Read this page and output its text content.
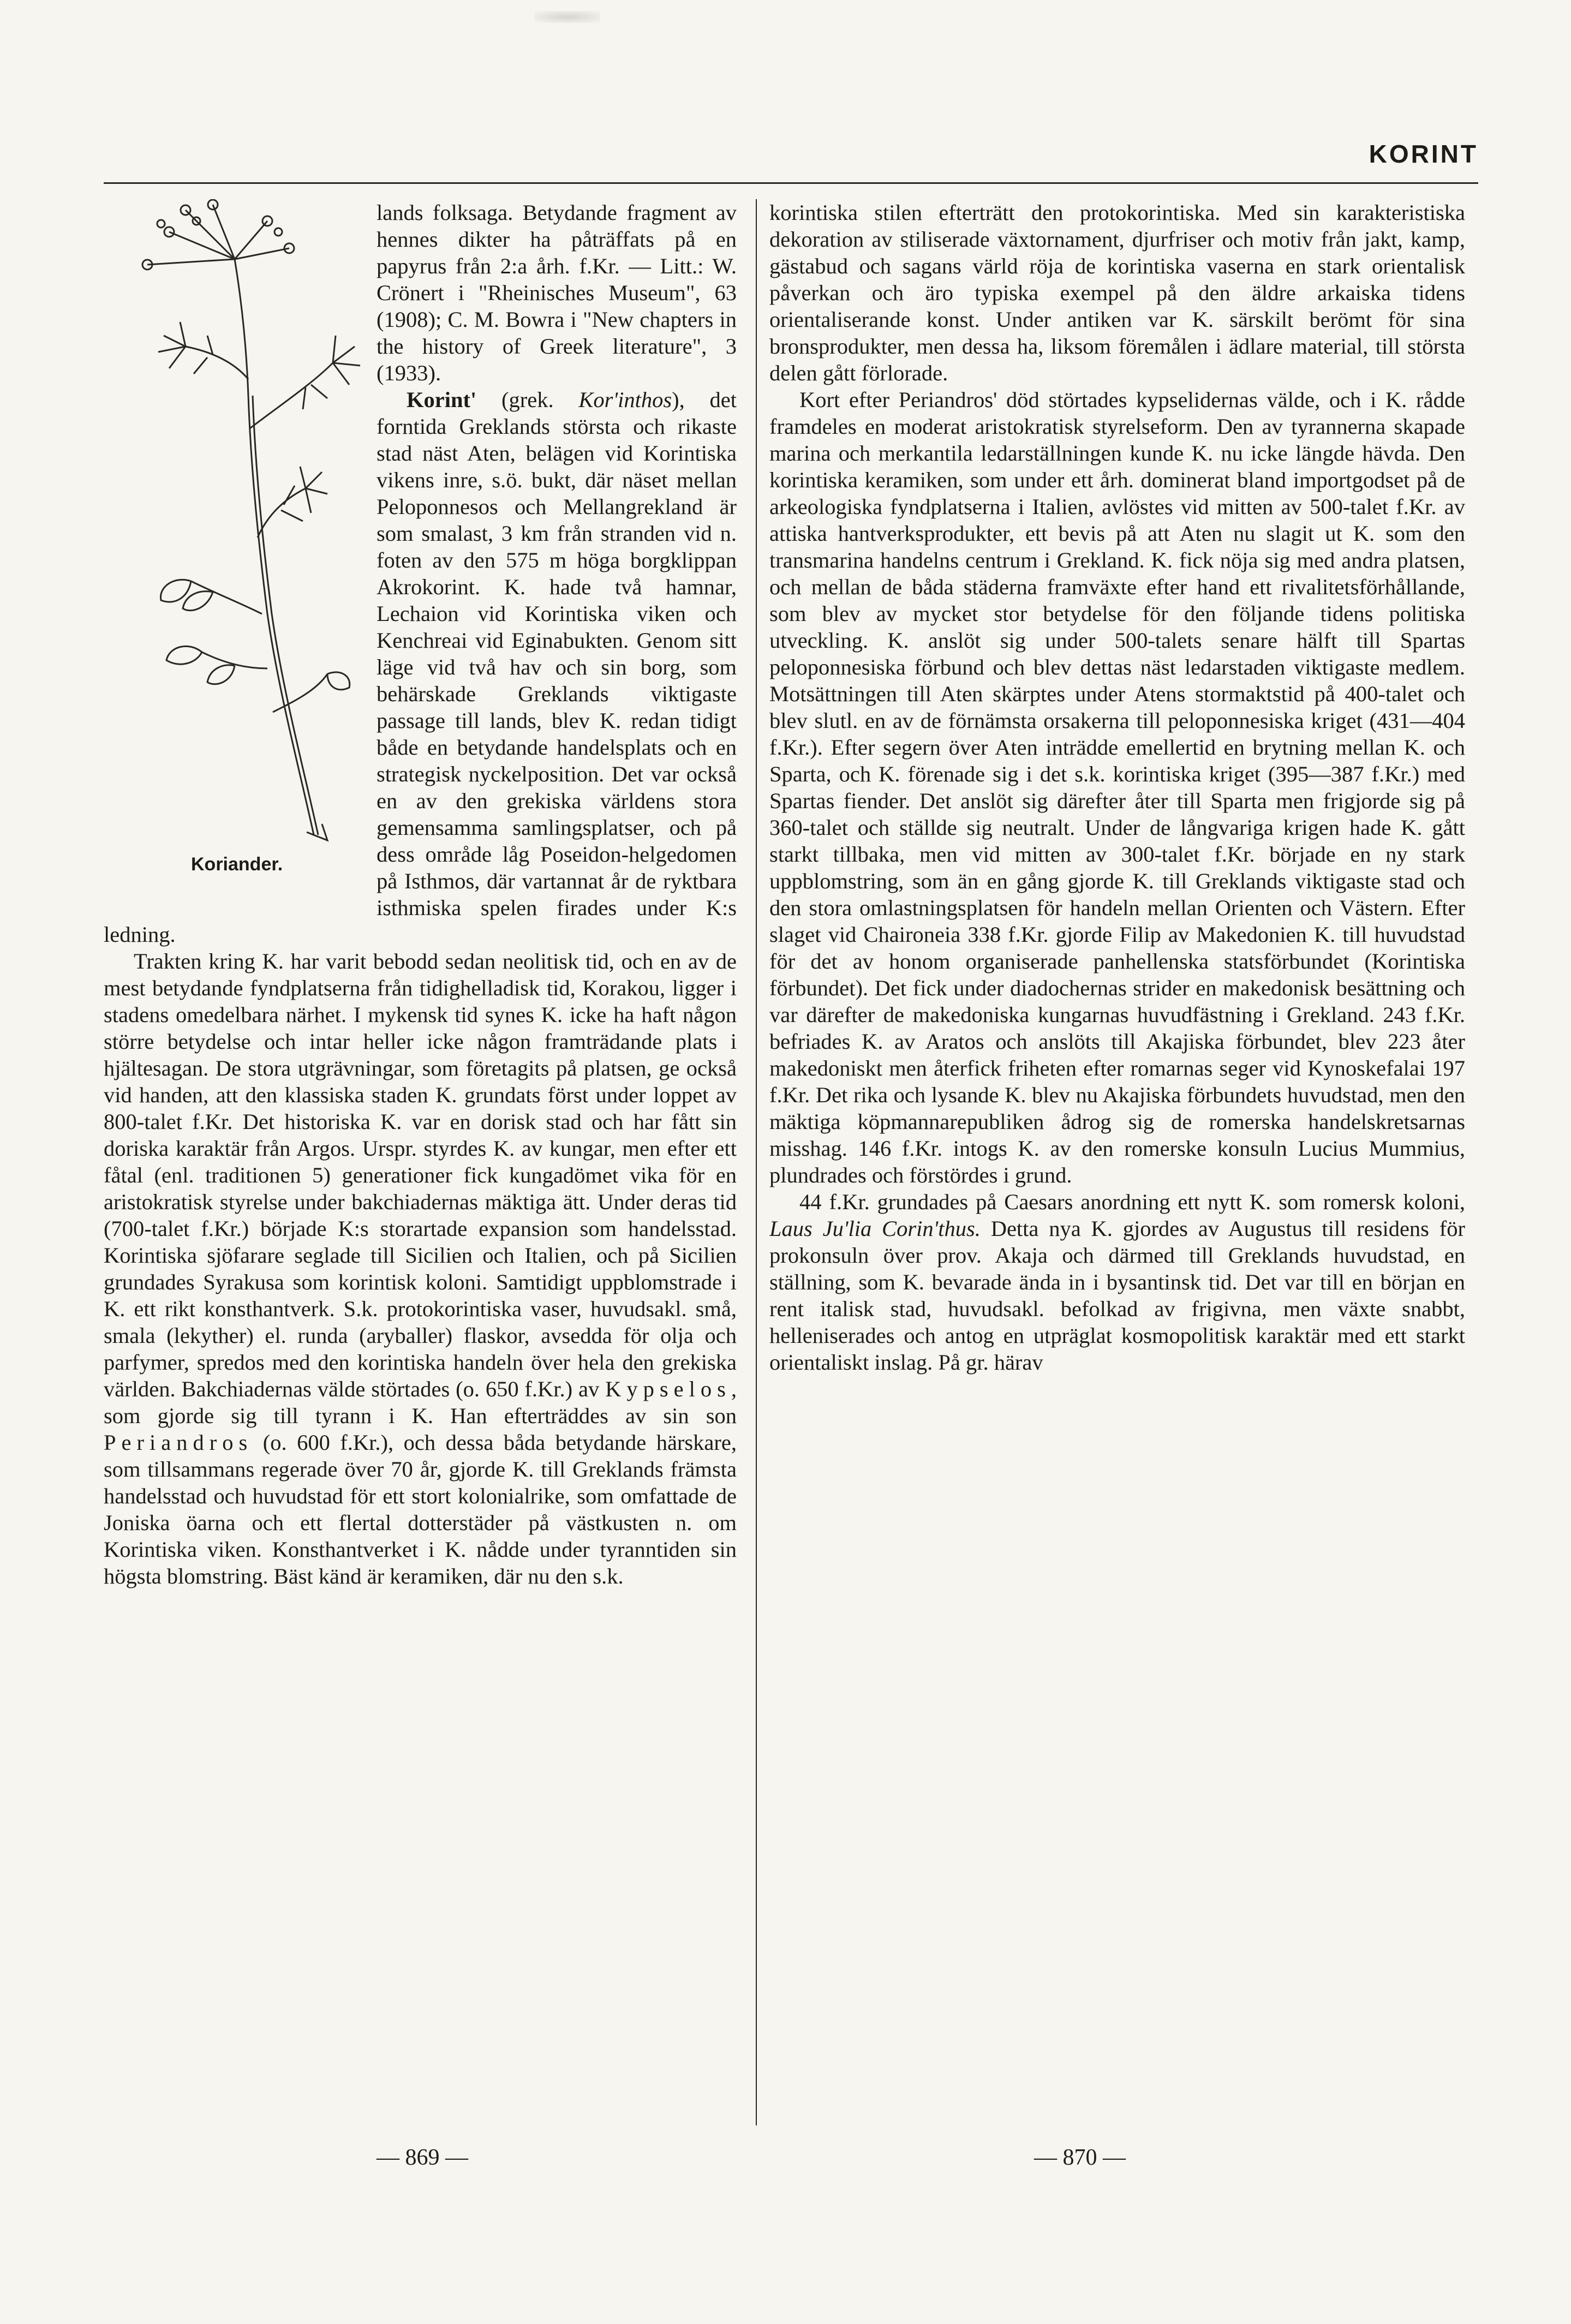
KORINT
Koriander.

lands folksaga. Betydande fragment av hennes dikter ha påträffats på en papyrus från 2:a årh. f.Kr. — Litt.: W. Crönert i "Rheinisches Museum", 63 (1908); C. M. Bowra i "New chapters in the history of Greek literature", 3 (1933).

Korint' (grek. Kor'inthos), det forntida Greklands största och rikaste stad näst Aten, belägen vid Korintiska vikens inre, s.ö. bukt, där näset mellan Peloponnesos och Mellangrekland är som smalast, 3 km från stranden vid n. foten av den 575 m höga borgklippan Akrokorint. K. hade två hamnar, Lechaion vid Korintiska viken och Kenchreai vid Eginabukten. Genom sitt läge vid två hav och sin borg, som behärskade Greklands viktigaste passage till lands, blev K. redan tidigt både en betydande handelsplats och en strategisk nyckelposition. Det var också en av den grekiska världens stora gemensamma samlingsplatser, och på dess område låg Poseidon-helgedomen på Isthmos, där vartannat år de ryktbara isthmiska spelen firades under K:s ledning.

Trakten kring K. har varit bebodd sedan neolitisk tid, och en av de mest betydande fyndplatserna från tidighelladisk tid, Korakou, ligger i stadens omedelbara närhet. I mykensk tid synes K. icke ha haft någon större betydelse och intar heller icke någon framträdande plats i hjältesagan. De stora utgrävningar, som företagits på platsen, ge också vid handen, att den klassiska staden K. grundats först under loppet av 800-talet f.Kr. Det historiska K. var en dorisk stad och har fått sin doriska karaktär från Argos. Urspr. styrdes K. av kungar, men efter ett fåtal (enl. traditionen 5) generationer fick kungadömet vika för en aristokratisk styrelse under bakchiadernas mäktiga ätt. Under deras tid (700-talet f.Kr.) började K:s storartade expansion som handelsstad. Korintiska sjöfarare seglade till Sicilien och Italien, och på Sicilien grundades Syrakusa som korintisk koloni. Samtidigt uppblomstrade i K. ett rikt konsthantverk. S.k. protokorintiska vaser, huvudsakl. små, smala (lekyther) el. runda (aryballer) flaskor, avsedda för olja och parfymer, spredos med den korintiska handeln över hela den grekiska världen. Bakchiadernas välde störtades (o. 650 f.Kr.) av Kypselos, som gjorde sig till tyrann i K. Han efterträddes av sin son Periandros (o. 600 f.Kr.), och dessa båda betydande härskare, som tillsammans regerade över 70 år, gjorde K. till Greklands främsta handelsstad och huvudstad för ett stort kolonialrike, som omfattade de Joniska öarna och ett flertal dotterstäder på västkusten n. om Korintiska viken. Konsthantverket i K. nådde under tyranntiden sin högsta blomstring. Bäst känd är keramiken, där nu den s.k.

korintiska stilen efterträtt den protokorintiska. Med sin karakteristiska dekoration av stiliserade växtornament, djurfriser och motiv från jakt, kamp, gästabud och sagans värld röja de korintiska vaserna en stark orientalisk påverkan och äro typiska exempel på den äldre arkaiska tidens orientaliserande konst. Under antiken var K. särskilt berömt för sina bronsprodukter, men dessa ha, liksom föremålen i ädlare material, till största delen gått förlorade.

Kort efter Periandros' död störtades kypselidernas välde, och i K. rådde framdeles en moderat aristokratisk styrelseform. Den av tyrannerna skapade marina och merkantila ledarställningen kunde K. nu icke längde hävda. Den korintiska keramiken, som under ett årh. dominerat bland importgodset på de arkeologiska fyndplatserna i Italien, avlöstes vid mitten av 500-talet f.Kr. av attiska hantverksprodukter, ett bevis på att Aten nu slagit ut K. som den transmarina handelns centrum i Grekland. K. fick nöja sig med andra platsen, och mellan de båda städerna framväxte efter hand ett rivalitetsförhållande, som blev av mycket stor betydelse för den följande tidens politiska utveckling. K. anslöt sig under 500-talets senare hälft till Spartas peloponnesiska förbund och blev dettas näst ledarstaden viktigaste medlem. Motsättningen till Aten skärptes under Atens stormaktstid på 400-talet och blev slutl. en av de förnämsta orsakerna till peloponnesiska kriget (431—404 f.Kr.). Efter segern över Aten inträdde emellertid en brytning mellan K. och Sparta, och K. förenade sig i det s.k. korintiska kriget (395—387 f.Kr.) med Spartas fiender. Det anslöt sig därefter åter till Sparta men frigjorde sig på 360-talet och ställde sig neutralt. Under de långvariga krigen hade K. gått starkt tillbaka, men vid mitten av 300-talet f.Kr. började en ny stark uppblomstring, som än en gång gjorde K. till Greklands viktigaste stad och den stora omlastningsplatsen för handeln mellan Orienten och Västern. Efter slaget vid Chaironeia 338 f.Kr. gjorde Filip av Makedonien K. till huvudstad för det av honom organiserade panhellenska statsförbundet (Korintiska förbundet). Det fick under diadochernas strider en makedonisk besättning och var därefter de makedoniska kungarnas huvudfästning i Grekland. 243 f.Kr. befriades K. av Aratos och anslöts till Akajiska förbundet, blev 223 åter makedoniskt men återfick friheten efter romarnas seger vid Kynoskefalai 197 f.Kr. Det rika och lysande K. blev nu Akajiska förbundets huvudstad, men den mäktiga köpmannarepubliken ådrog sig de romerska handelskretsarnas misshag. 146 f.Kr. intogs K. av den romerske konsuln Lucius Mummius, plundrades och förstördes i grund.

44 f.Kr. grundades på Caesars anordning ett nytt K. som romersk koloni, Laus Ju'lia Corin'thus. Detta nya K. gjordes av Augustus till residens för prokonsuln över prov. Akaja och därmed till Greklands huvudstad, en ställning, som K. bevarade ända in i bysantinsk tid. Det var till en början en rent italisk stad, huvudsakl. befolkad av frigivna, men växte snabbt, helleniserades och antog en utpräglat kosmopolitisk karaktär med ett starkt orientaliskt inslag. På gr. härav

— 869 —	— 870 —
